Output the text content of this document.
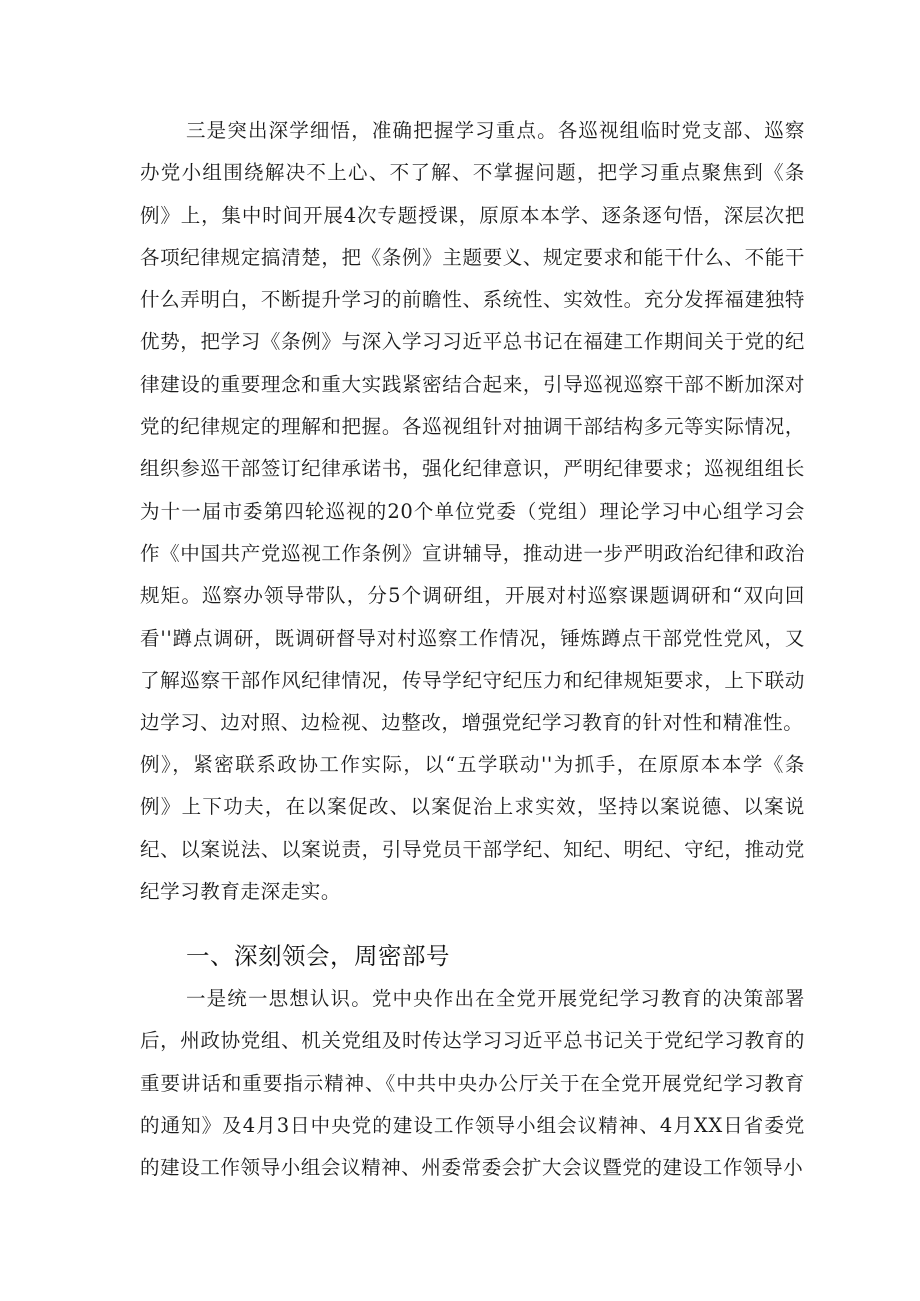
三是突出深学细悟，准确把握学习重点。各巡视组临时党支部、巡察办党小组围绕解决不上心、不了解、不掌握问题，把学习重点聚焦到《条例》上，集中时间开展4次专题授课，原原本本学、逐条逐句悟，深层次把各项纪律规定搞清楚，把《条例》主题要义、规定要求和能干什么、不能干什么弄明白，不断提升学习的前瞻性、系统性、实效性。充分发挥福建独特优势，把学习《条例》与深入学习习近平总书记在福建工作期间关于党的纪律建设的重要理念和重大实践紧密结合起来，引导巡视巡察干部不断加深对党的纪律规定的理解和把握。各巡视组针对抽调干部结构多元等实际情况，组织参巡干部签订纪律承诺书，强化纪律意识，严明纪律要求；巡视组组长为十一届市委第四轮巡视的20个单位党委（党组）理论学习中心组学习会作《中国共产党巡视工作条例》宣讲辅导，推动进一步严明政治纪律和政治规矩。巡察办领导带队，分5个调研组，开展对村巡察课题调研和“双向回看''蹲点调研，既调研督导对村巡察工作情况，锤炼蹲点干部党性党风，又了解巡察干部作风纪律情况，传导学纪守纪压力和纪律规矩要求，上下联动边学习、边对照、边检视、边整改，增强党纪学习教育的针对性和精准性。

例》，紧密联系政协工作实际，以“五学联动''为抓手，在原原本本学《条例》上下功夫，在以案促改、以案促治上求实效，坚持以案说德、以案说纪、以案说法、以案说责，引导党员干部学纪、知纪、明纪、守纪，推动党纪学习教育走深走实。

一、深刻领会，周密部号

一是统一思想认识。党中央作出在全党开展党纪学习教育的决策部署后，州政协党组、机关党组及时传达学习习近平总书记关于党纪学习教育的重要讲话和重要指示精神、《中共中央办公厅关于在全党开展党纪学习教育的通知》及4月3日中央党的建设工作领导小组会议精神、4月XX日省委党的建设工作领导小组会议精神、州委常委会扩大会议暨党的建设工作领导小
